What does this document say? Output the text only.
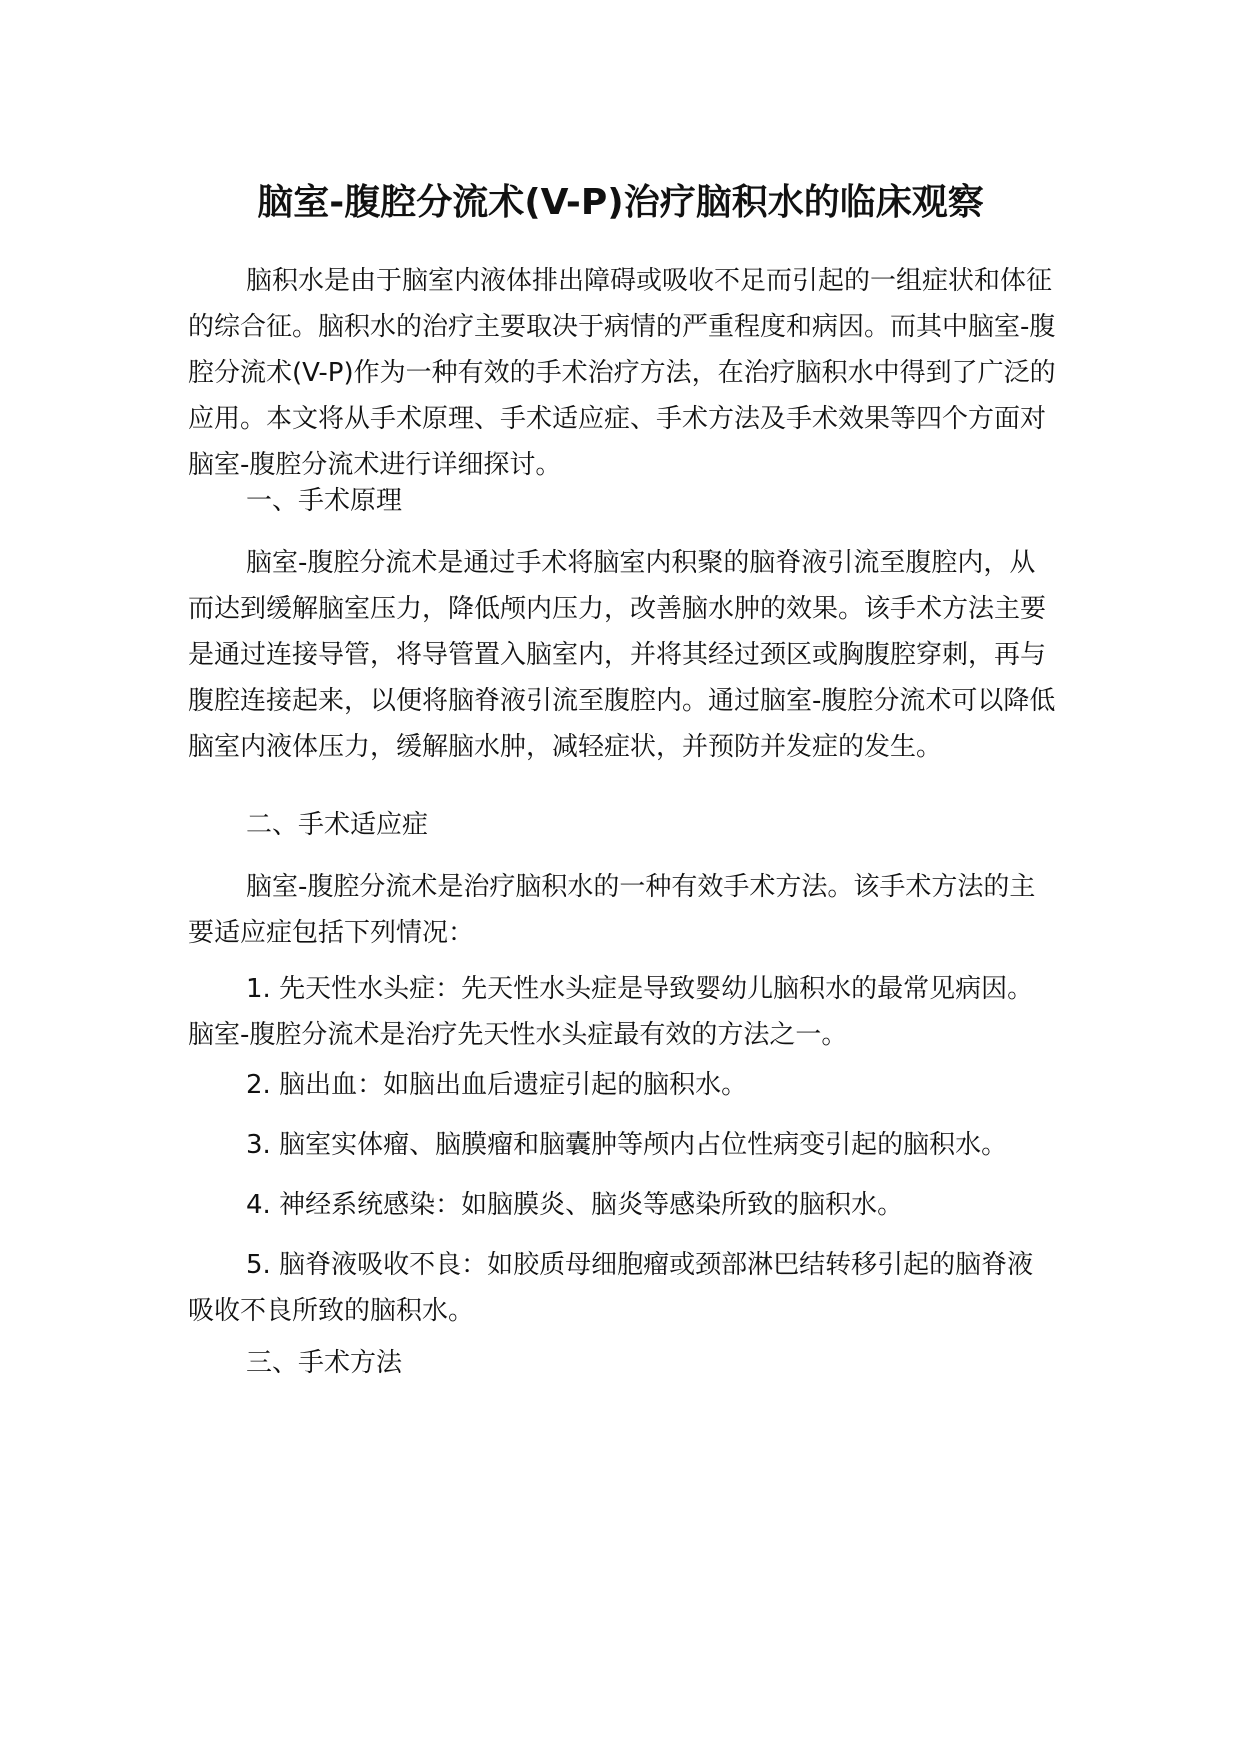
脑室-腹腔分流术(V-P)治疗脑积水的临床观察

脑积水是由于脑室内液体排出障碍或吸收不足而引起的一组症状和体征的综合征。脑积水的治疗主要取决于病情的严重程度和病因。而其中脑室-腹腔分流术(V-P)作为一种有效的手术治疗方法，在治疗脑积水中得到了广泛的应用。本文将从手术原理、手术适应症、手术方法及手术效果等四个方面对脑室-腹腔分流术进行详细探讨。

一、手术原理

脑室-腹腔分流术是通过手术将脑室内积聚的脑脊液引流至腹腔内，从而达到缓解脑室压力，降低颅内压力，改善脑水肿的效果。该手术方法主要是通过连接导管，将导管置入脑室内，并将其经过颈区或胸腹腔穿刺，再与腹腔连接起来，以便将脑脊液引流至腹腔内。通过脑室-腹腔分流术可以降低脑室内液体压力，缓解脑水肿，减轻症状，并预防并发症的发生。

二、手术适应症

脑室-腹腔分流术是治疗脑积水的一种有效手术方法。该手术方法的主要适应症包括下列情况：

1. 先天性水头症：先天性水头症是导致婴幼儿脑积水的最常见病因。脑室-腹腔分流术是治疗先天性水头症最有效的方法之一。

2. 脑出血：如脑出血后遗症引起的脑积水。

3. 脑室实体瘤、脑膜瘤和脑囊肿等颅内占位性病变引起的脑积水。

4. 神经系统感染：如脑膜炎、脑炎等感染所致的脑积水。

5. 脑脊液吸收不良：如胶质母细胞瘤或颈部淋巴结转移引起的脑脊液吸收不良所致的脑积水。

三、手术方法
